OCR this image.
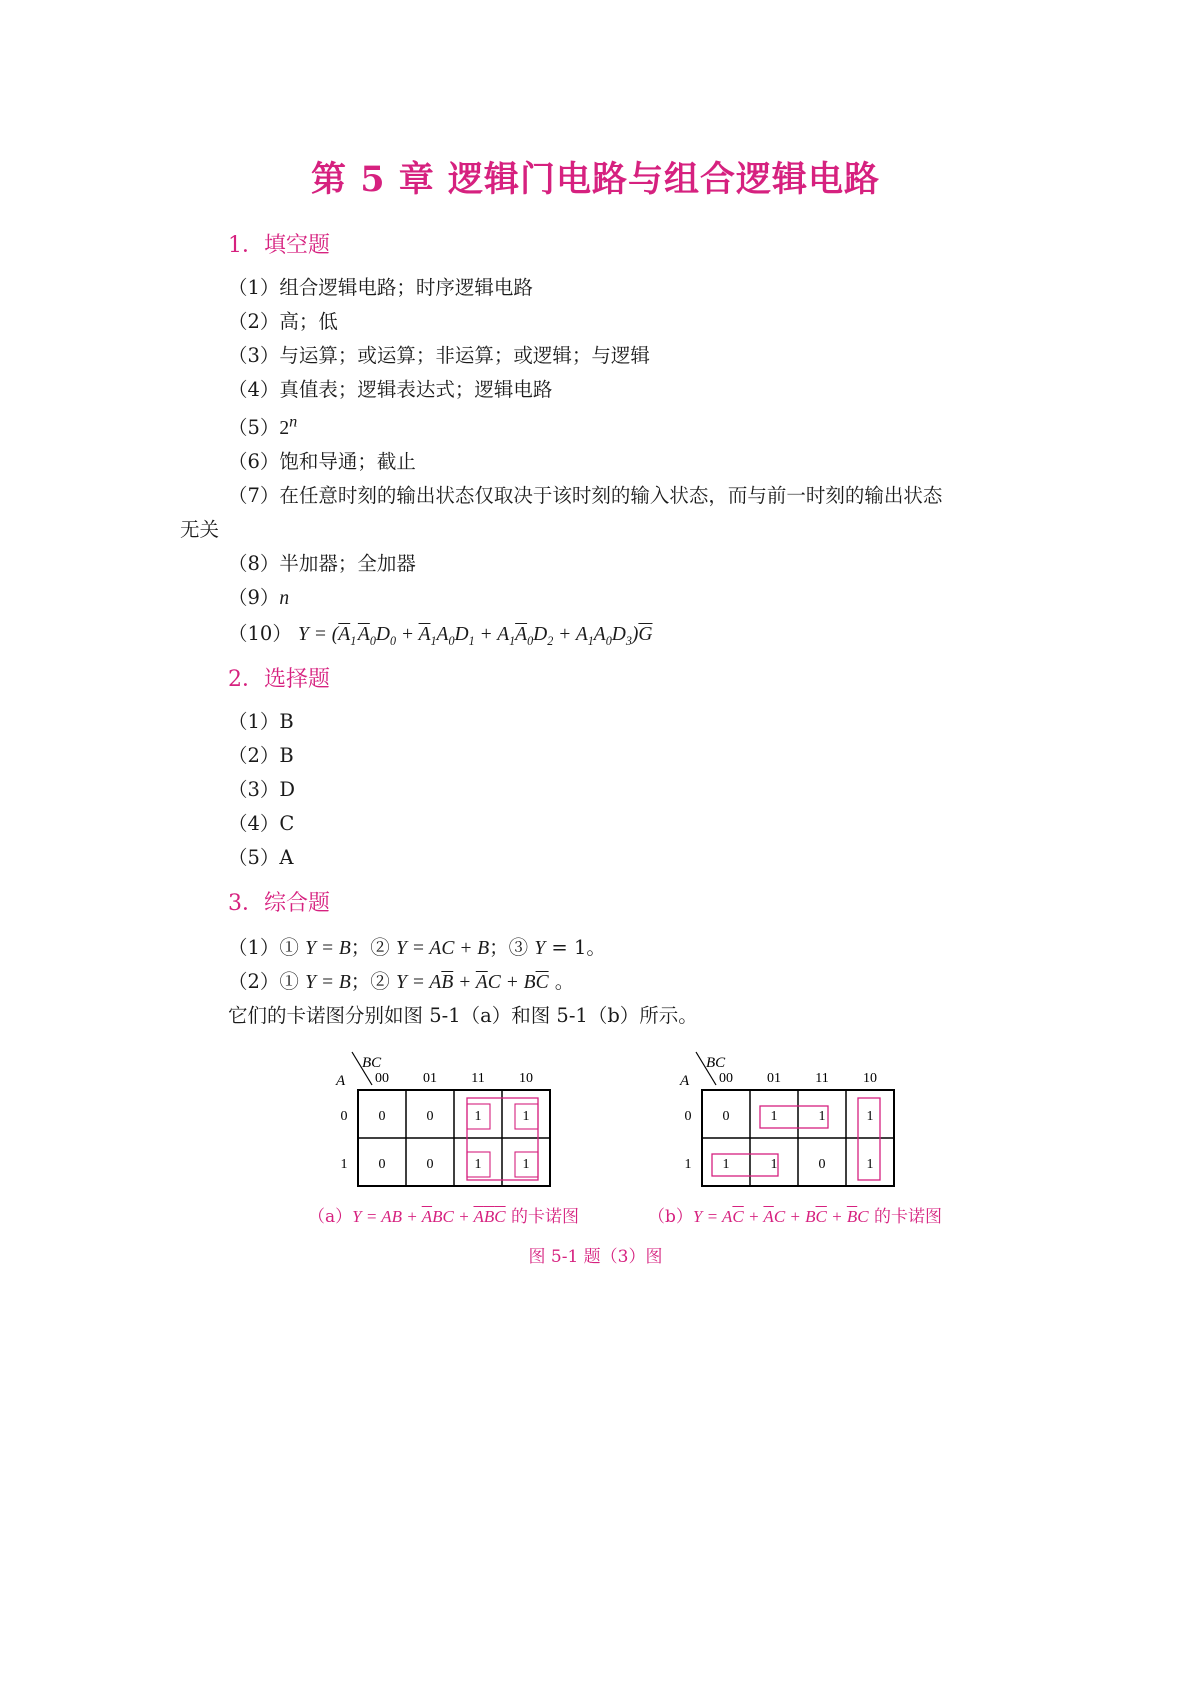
第 5 章 逻辑门电路与组合逻辑电路
1．填空题
（1）组合逻辑电路；时序逻辑电路
（2）高；低
（3）与运算；或运算；非运算；或逻辑；与逻辑
（4）真值表；逻辑表达式；逻辑电路
（5）2$^n$
（6）饱和导通；截止
（7）在任意时刻的输出状态仅取决于该时刻的输入状态，而与前一时刻的输出状态
无关
（8）半加器；全加器
（9）n
（10） $Y = (\overline{A}_1$ $\overline{A}_0D_0 + \overline{A}_1A_0D_1 + A_1\overline{A}_0D_2 + A_1A_0D_3)\overline{G}$
2．选择题
（1）B
（2）B
（3）D
（4）C
（5）A
3．综合题
（1）① Y = B；② Y = AC + B；③ Y = 1。
（2）① Y = B；② $Y = A\overline{B} + \overline{A}C + B\overline{C}$ 。
它们的卡诺图分别如图 5-1（a）和图 5-1（b）所示。
BC
A 00 01 11 10
0
1
0	0	1	1
0	0	1	1
BC
A 00 01 11 10
0
1
0	1	1	1
1	1	0	1
（a）Y = AB + $\overline{A}BC + \overline{A}\overline{B}\overline{C}$ 的卡诺图	$(b)Y = A\overline{C} + \overline{A}C + B\overline{C} + \overline{B}C$ 的卡诺图
图 5-1 题（3）图
